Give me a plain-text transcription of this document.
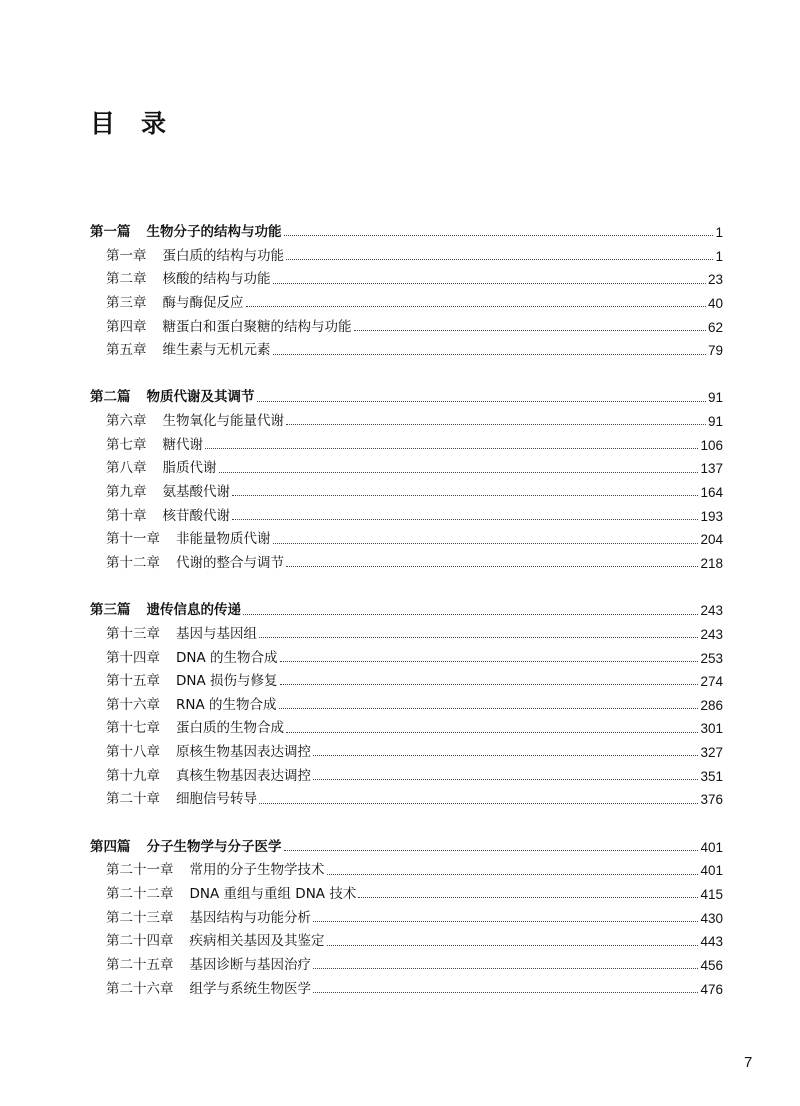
目录
第一篇 生物分子的结构与功能	1
第一章 蛋白质的结构与功能	1
第二章 核酸的结构与功能	23
第三章 酶与酶促反应	40
第四章 糖蛋白和蛋白聚糖的结构与功能	62
第五章 维生素与无机元素	79
第二篇 物质代谢及其调节	91
第六章 生物氧化与能量代谢	91
第七章 糖代谢	106
第八章 脂质代谢	137
第九章 氨基酸代谢	164
第十章 核苷酸代谢	193
第十一章 非能量物质代谢	204
第十二章 代谢的整合与调节	218
第三篇 遗传信息的传递	243
第十三章 基因与基因组	243
第十四章 DNA 的生物合成	253
第十五章 DNA 损伤与修复	274
第十六章 RNA 的生物合成	286
第十七章 蛋白质的生物合成	301
第十八章 原核生物基因表达调控	327
第十九章 真核生物基因表达调控	351
第二十章 细胞信号转导	376
第四篇 分子生物学与分子医学	401
第二十一章 常用的分子生物学技术	401
第二十二章 DNA 重组与重组 DNA 技术	415
第二十三章 基因结构与功能分析	430
第二十四章 疾病相关基因及其鉴定	443
第二十五章 基因诊断与基因治疗	456
第二十六章 组学与系统生物医学	476
7
